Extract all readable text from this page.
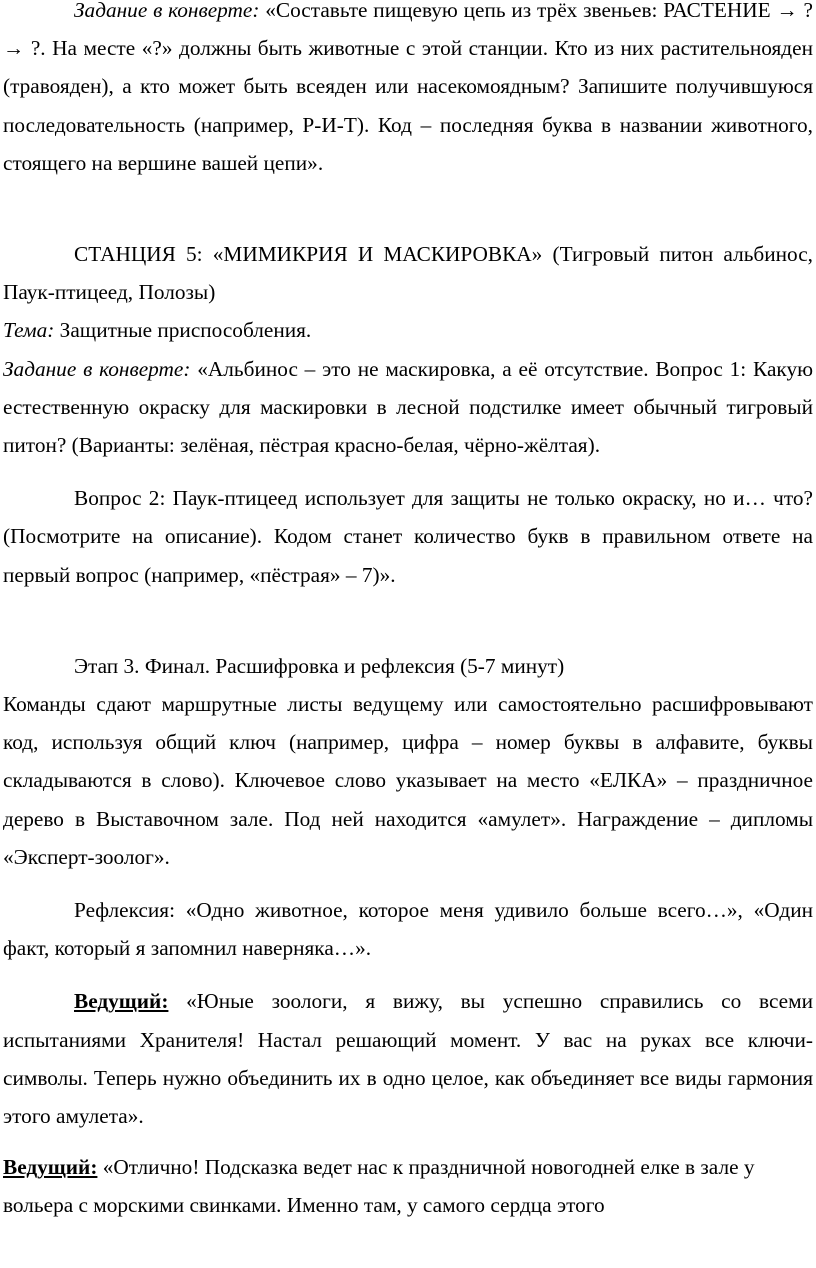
Задание в конверте: «Составьте пищевую цепь из трёх звеньев: РАСТЕНИЕ → ? → ?. На месте «?» должны быть животные с этой станции. Кто из них растительноядeн (травоядeн), а кто может быть всеяден или насекомоядным? Запишите получившуюся последовательность (например, Р-И-Т). Код – последняя буква в названии животного, стоящего на вершине вашей цепи».

СТАНЦИЯ 5: «МИМИКРИЯ И МАСКИРОВКА» (Тигровый питон альбинос, Паук-птицеед, Полозы)

Тема: Защитные приспособления.

Задание в конверте: «Альбинос – это не маскировка, а её отсутствие. Вопрос 1: Какую естественную окраску для маскировки в лесной подстилке имеет обычный тигровый питон? (Варианты: зелёная, пёстрая красно-белая, чёрно-жёлтая).

Вопрос 2: Паук-птицеед использует для защиты не только окраску, но и… что? (Посмотрите на описание). Кодом станет количество букв в правильном ответе на первый вопрос (например, «пёстрая» – 7)».

Этап 3. Финал. Расшифровка и рефлексия (5-7 минут)

Команды сдают маршрутные листы ведущему или самостоятельно расшифровывают код, используя общий ключ (например, цифра – номер буквы в алфавите, буквы складываются в слово). Ключевое слово указывает на место «ЕЛКА» – праздничное дерево в Выставочном зале. Под ней находится «амулет». Награждение – дипломы «Эксперт-зоолог».

Рефлексия: «Одно животное, которое меня удивило больше всего…», «Один факт, который я запомнил наверняка…».

Ведущий: «Юные зоологи, я вижу, вы успешно справились со всеми испытаниями Хранителя! Настал решающий момент. У вас на руках все ключи-символы. Теперь нужно объединить их в одно целое, как объединяет все виды гармония этого амулета».

Ведущий: «Отлично! Подсказка ведет нас к праздничной новогодней елке в зале у вольера с морскими свинками. Именно там, у самого сердца этого
